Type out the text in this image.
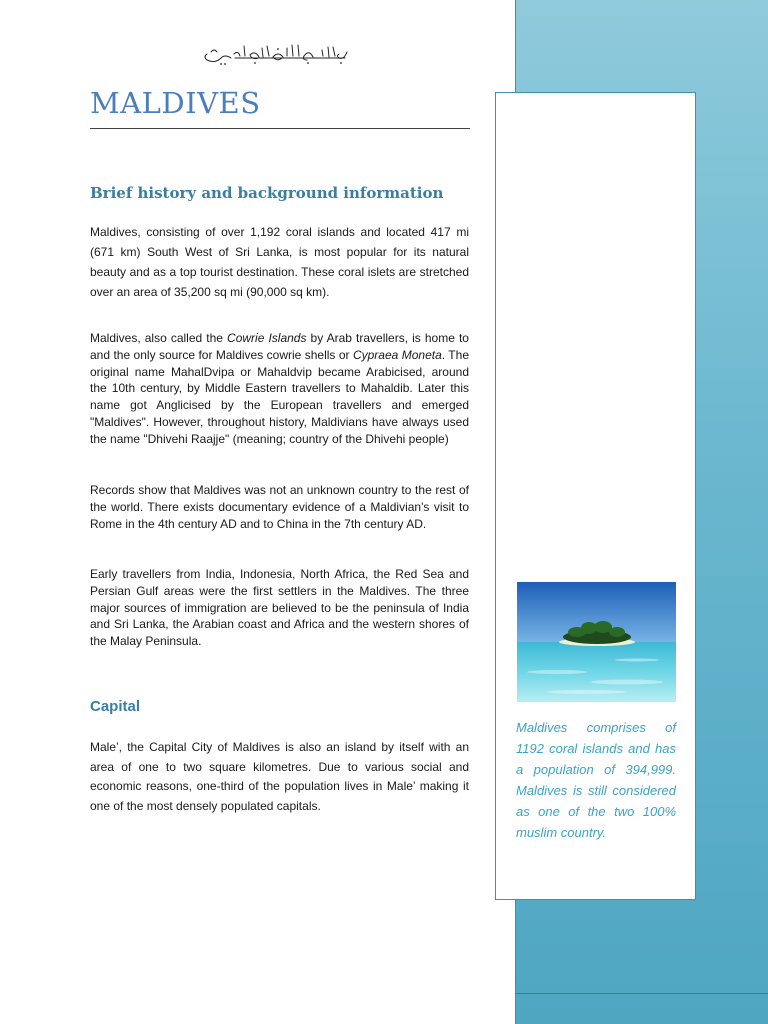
MALDIVES
Brief history and background information

Maldives, consisting of over 1,192 coral islands and located 417 mi (671 km) South West of Sri Lanka, is most popular for its natural beauty and as a top tourist destination. These coral islets are stretched over an area of 35,200 sq mi (90,000 sq km).

Maldives, also called the Cowrie Islands by Arab travellers, is home to and the only source for Maldives cowrie shells or Cypraea Moneta. The original name MahalDvipa or Mahaldvip became Arabicised, around the 10th century, by Middle Eastern travellers to Mahaldib. Later this name got Anglicised by the European travellers and emerged "Maldives". However, throughout history, Maldivians have always used the name "Dhivehi Raajje" (meaning; country of the Dhivehi people)

Records show that Maldives was not an unknown country to the rest of the world. There exists documentary evidence of a Maldivian's visit to Rome in the 4th century AD and to China in the 7th century AD.

Early travellers from India, Indonesia, North Africa, the Red Sea and Persian Gulf areas were the first settlers in the Maldives. The three major sources of immigration are believed to be the peninsula of India and Sri Lanka, the Arabian coast and Africa and the western shores of the Malay Peninsula.

Capital

Male’, the Capital City of Maldives is also an island by itself with an area of one to two square kilometres. Due to various social and economic reasons, one-third of the population lives in Male’ making it one of the most densely populated capitals.

Maldives comprises of 1192 coral islands and has a population of 394,999. Maldives is still considered as one of the two 100% muslim country.
